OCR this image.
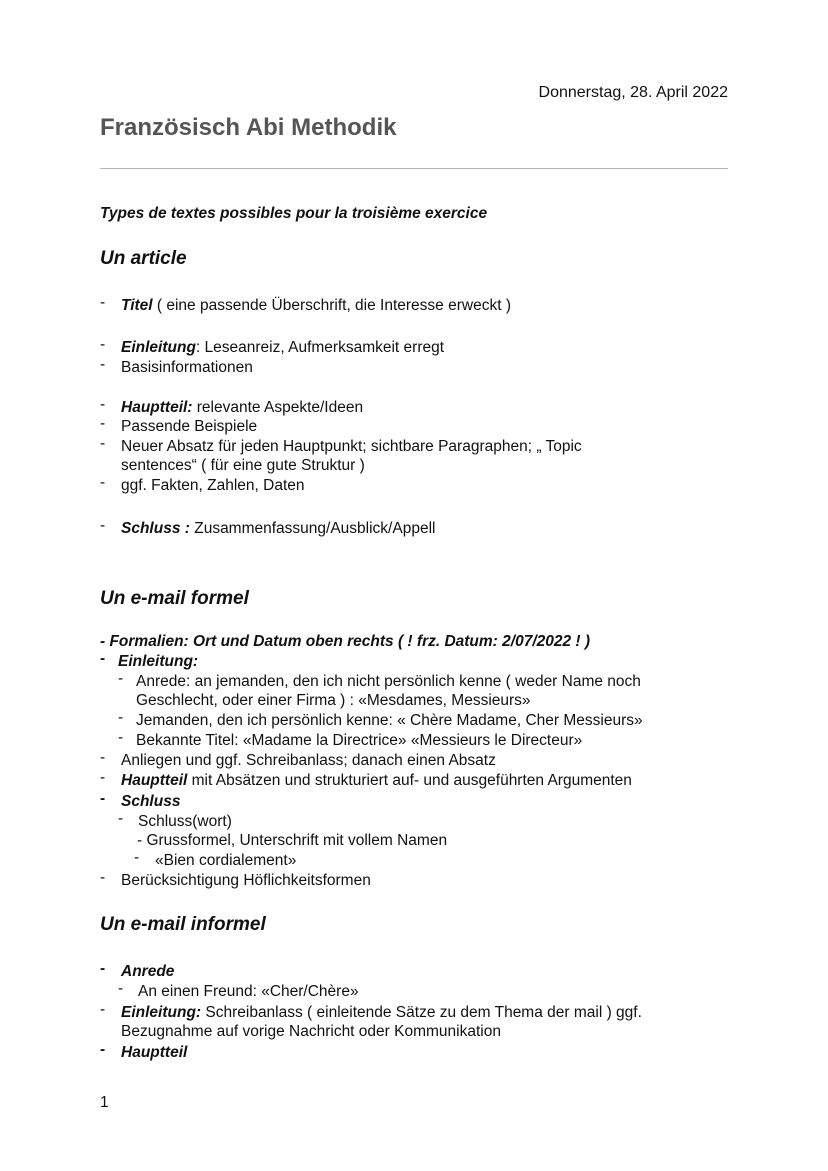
Donnerstag, 28. April 2022
Französisch Abi Methodik
Types de textes possibles pour la troisième exercice
Un article
- Titel ( eine passende Überschrift, die Interesse erweckt )
- Einleitung: Leseanreiz, Aufmerksamkeit erregt
- Basisinformationen
- Hauptteil: relevante Aspekte/Ideen
- Passende Beispiele
- Neuer Absatz für jeden Hauptpunkt; sichtbare Paragraphen; „ Topic
sentences“ ( für eine gute Struktur )
- ggf. Fakten, Zahlen, Daten
- Schluss : Zusammenfassung/Ausblick/Appell
Un e-mail formel
- Formalien: Ort und Datum oben rechts ( ! frz. Datum: 2/07/2022 ! )
- Einleitung:
- Anrede: an jemanden, den ich nicht persönlich kenne ( weder Name noch
Geschlecht, oder einer Firma ) : «Mesdames, Messieurs»
- Jemanden, den ich persönlich kenne: « Chère Madame, Cher Messieurs»
- Bekannte Titel: «Madame la Directrice» «Messieurs le Directeur»
- Anliegen und ggf. Schreibanlass; danach einen Absatz
- Hauptteil mit Absätzen und strukturiert auf- und ausgeführten Argumenten
- Schluss
- Schluss(wort)
- Grussformel, Unterschrift mit vollem Namen
- «Bien cordialement»
- Berücksichtigung Höflichkeitsformen
Un e-mail informel
- Anrede
- An einen Freund: «Cher/Chère»
- Einleitung: Schreibanlass ( einleitende Sätze zu dem Thema der mail ) ggf.
Bezugnahme auf vorige Nachricht oder Kommunikation
- Hauptteil
1
